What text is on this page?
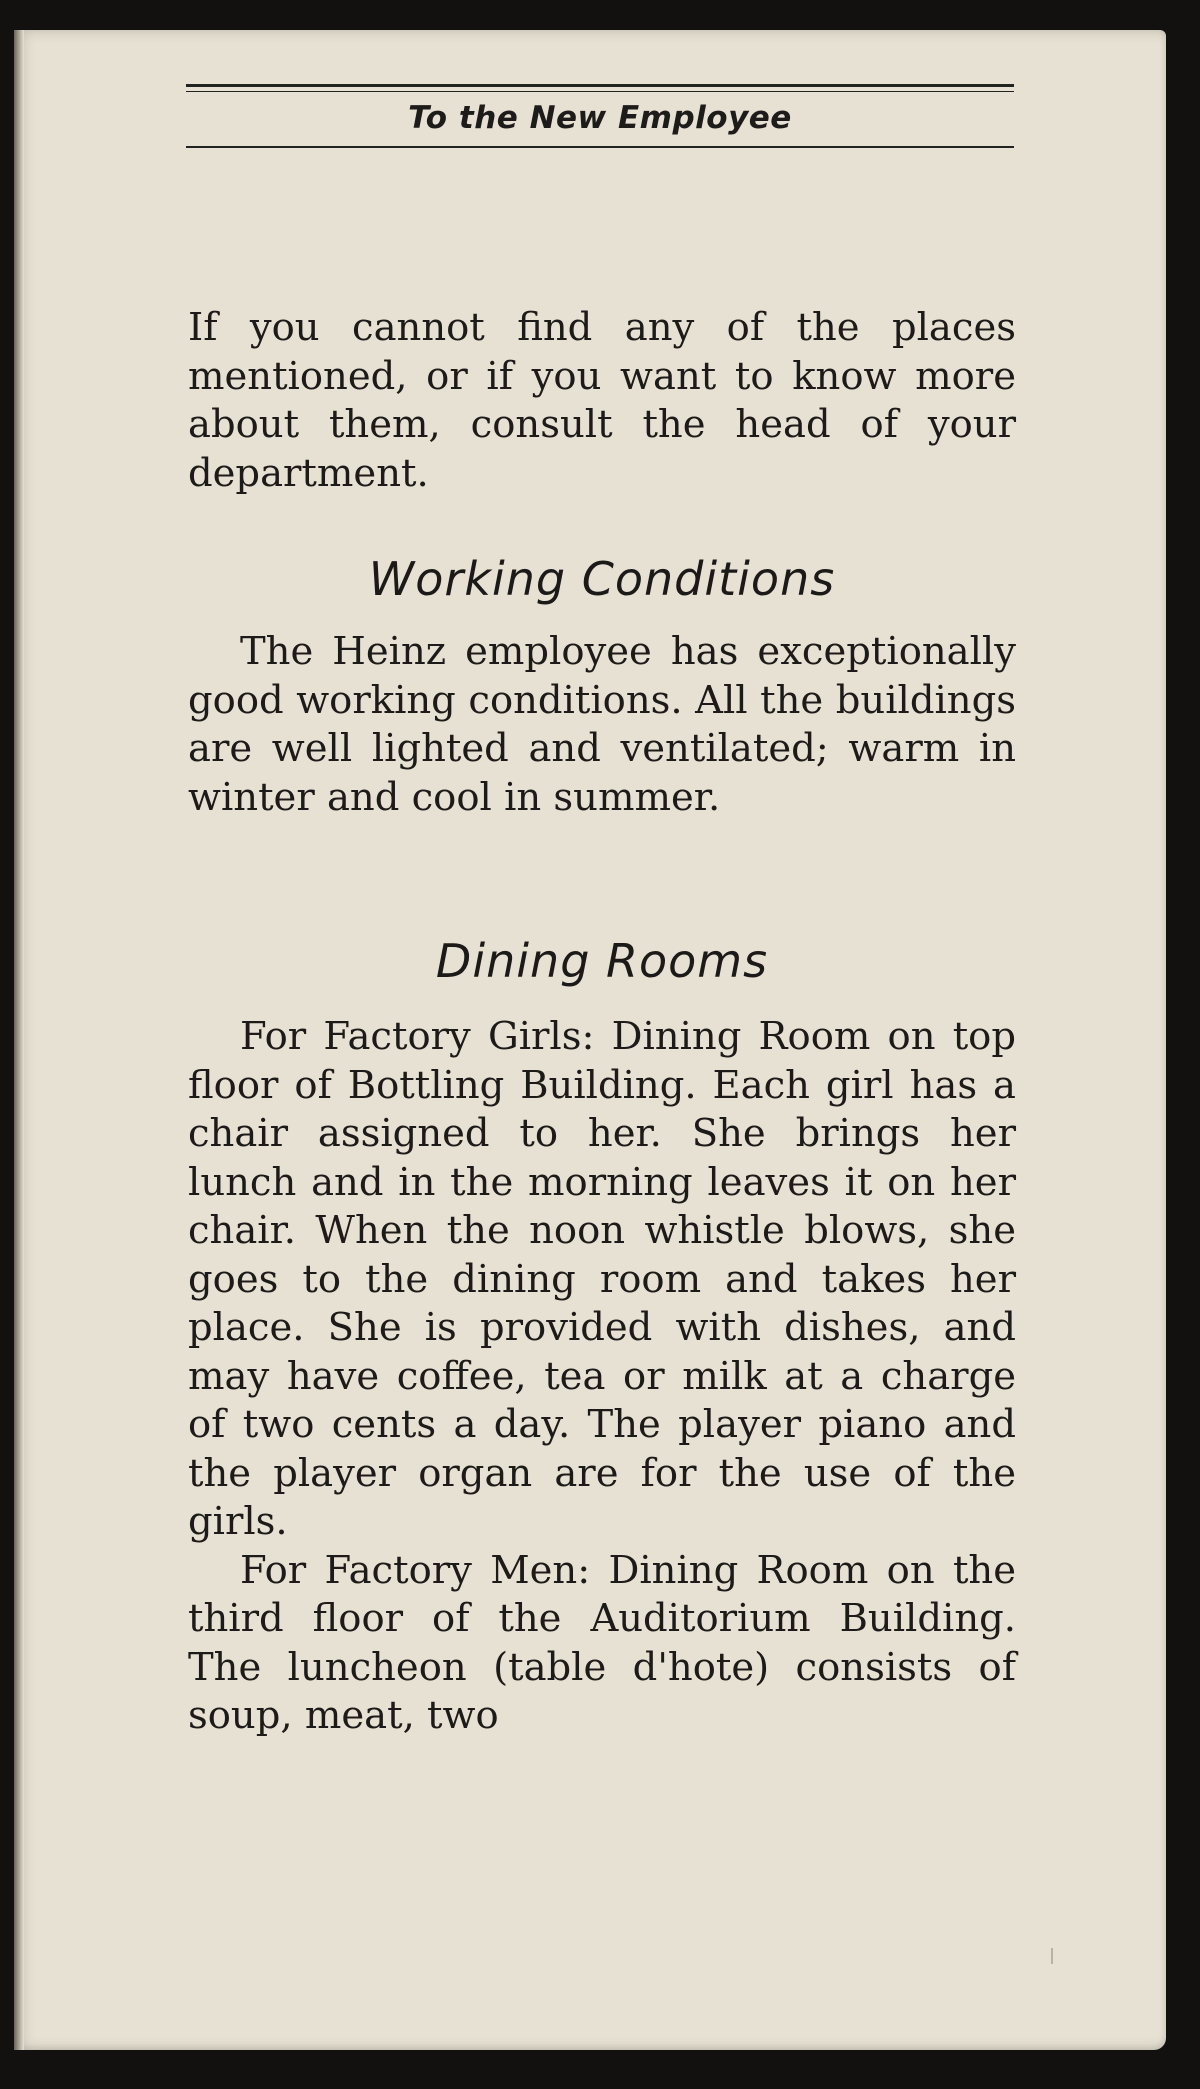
To the New Employee

If you cannot find any of the places mentioned, or if you want to know more about them, consult the head of your department.

Working Conditions

The Heinz employee has exceptionally good working conditions. All the buildings are well lighted and ventilated; warm in winter and cool in summer.

Dining Rooms

For Factory Girls: Dining Room on top floor of Bottling Building. Each girl has a chair assigned to her. She brings her lunch and in the morning leaves it on her chair. When the noon whistle blows, she goes to the dining room and takes her place. She is provided with dishes, and may have coffee, tea or milk at a charge of two cents a day. The player piano and the player organ are for the use of the girls.

For Factory Men: Dining Room on the third floor of the Auditorium Building. The luncheon (table d'hote) consists of soup, meat, two
